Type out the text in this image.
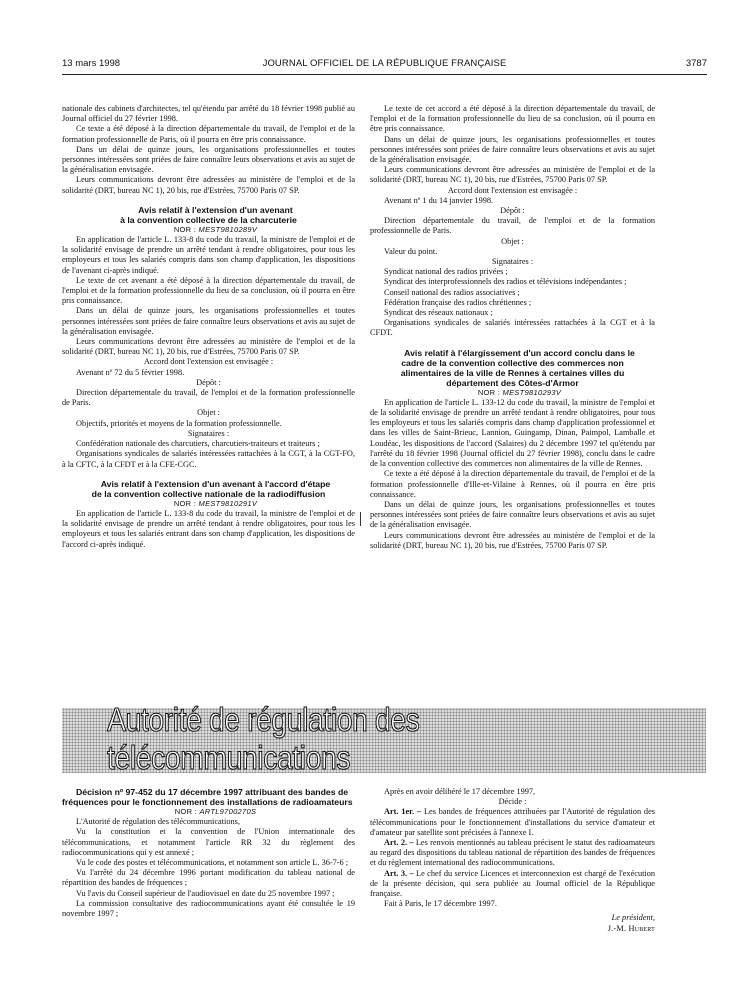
13 mars 1998	JOURNAL OFFICIEL DE LA RÉPUBLIQUE FRANÇAISE	3787

nationale des cabinets d'architectes, tel qu'étendu par arrêté du 18 février 1998 publié au Journal officiel du 27 février 1998.

Ce texte a été déposé à la direction départementale du travail, de l'emploi et de la formation professionnelle de Paris, où il pourra en être pris connaissance.

Dans un délai de quinze jours, les organisations professionnelles et toutes personnes intéressées sont priées de faire connaître leurs observations et avis au sujet de la généralisation envisagée.

Leurs communications devront être adressées au ministère de l'emploi et de la solidarité (DRT, bureau NC 1), 20 bis, rue d'Estrées, 75700 Paris 07 SP.

Avis relatif à l'extension d'un avenant
à la convention collective de la charcuterie

NOR : MEST9810289V

En application de l'article L. 133-8 du code du travail, la ministre de l'emploi et de la solidarité envisage de prendre un arrêté tendant à rendre obligatoires, pour tous les employeurs et tous les salariés compris dans son champ d'application, les dispositions de l'avenant ci-après indiqué.

Le texte de cet avenant a été déposé à la direction départementale du travail, de l'emploi et de la formation professionnelle du lieu de sa conclusion, où il pourra en être pris connaissance.

Dans un délai de quinze jours, les organisations professionnelles et toutes personnes intéressées sont priées de faire connaître leurs observations et avis au sujet de la généralisation envisagée.

Leurs communications devront être adressées au ministère de l'emploi et de la solidarité (DRT, bureau NC 1), 20 bis, rue d'Estrées, 75700 Paris 07 SP.

Accord dont l'extension est envisagée :

Avenant nº 72 du 5 février 1998.

Dépôt :

Direction départementale du travail, de l'emploi et de la formation professionnelle de Paris.

Objet :

Objectifs, priorités et moyens de la formation professionnelle.

Signataires :

Confédération nationale des charcutiers, charcutiers-traiteurs et traiteurs ;

Organisations syndicales de salariés intéressées rattachées à la CGT, à la CGT-FO, à la CFTC, à la CFDT et à la CFE-CGC.

Avis relatif à l'extension d'un avenant à l'accord d'étape
de la convention collective nationale de la radiodiffusion

NOR : MEST9810291V

En application de l'article L. 133-8 du code du travail, la ministre de l'emploi et de la solidarité envisage de prendre un arrêté tendant à rendre obligatoires, pour tous les employeurs et tous les salariés entrant dans son champ d'application, les dispositions de l'accord ci-après indiqué.

Le texte de cet accord a été déposé à la direction départementale du travail, de l'emploi et de la formation professionnelle du lieu de sa conclusion, où il pourra en être pris connaissance.

Dans un délai de quinze jours, les organisations professionnelles et toutes personnes intéressées sont priées de faire connaître leurs observations et avis au sujet de la généralisation envisagée.

Leurs communications devront être adressées au ministère de l'emploi et de la solidarité (DRT, bureau NC 1), 20 bis, rue d'Estrées, 75700 Paris 07 SP.

Accord dont l'extension est envisagée :

Avenant nº 1 du 14 janvier 1998.

Dépôt :

Direction départementale du travail, de l'emploi et de la formation professionnelle de Paris.

Objet :

Valeur du point.

Signataires :

Syndicat national des radios privées ;

Syndicat des interprofessionnels des radios et télévisions indépendantes ;

Conseil national des radios associatives ;

Fédération française des radios chrétiennes ;

Syndicat des réseaux nationaux ;

Organisations syndicales de salariés intéressées rattachées à la CGT et à la CFDT.

Avis relatif à l'élargissement d'un accord conclu dans le
cadre de la convention collective des commerces non
alimentaires de la ville de Rennes à certaines villes du
département des Côtes-d'Armor

NOR : MEST9810293V

En application de l'article L. 133-12 du code du travail, la ministre de l'emploi et de la solidarité envisage de prendre un arrêté tendant à rendre obligatoires, pour tous les employeurs et tous les salariés compris dans champ d'application professionnel et dans les villes de Saint-Brieuc, Lannion, Guingamp, Dinan, Paimpol, Lamballe et Loudéac, les dispositions de l'accord (Salaires) du 2 décembre 1997 tel qu'étendu par l'arrêté du 18 février 1998 (Journal officiel du 27 février 1998), conclu dans le cadre de la convention collective des commerces non alimentaires de la ville de Rennes.

Ce texte a été déposé à la direction départementale du travail, de l'emploi et de la formation professionnelle d'Ille-et-Vilaine à Rennes, où il pourra en être pris connaissance.

Dans un délai de quinze jours, les organisations professionnelles et toutes personnes intéressées sont priées de faire connaître leurs observations et avis au sujet de la généralisation envisagée.

Leurs communications devront être adressées au ministère de l'emploi et de la solidarité (DRT, bureau NC 1), 20 bis, rue d'Estrées, 75700 Paris 07 SP.

Autorité de régulation des télécommunications

Décision nº 97-452 du 17 décembre 1997 attribuant des bandes de fréquences pour le fonctionnement des installations de radioamateurs

NOR : ARTL9700270S

L'Autorité de régulation des télécommunications,

Vu la constitution et la convention de l'Union internationale des télécommunications, et notamment l'article RR 32 du règlement des radiocommunications qui y est annexé ;

Vu le code des postes et télécommunications, et notamment son article L. 36-7-6 ;

Vu l'arrêté du 24 décembre 1996 portant modification du tableau national de répartition des bandes de fréquences ;

Vu l'avis du Conseil supérieur de l'audiovisuel en date du 25 novembre 1997 ;

La commission consultative des radiocommunications ayant été consultée le 19 novembre 1997 ;

Après en avoir délibéré le 17 décembre 1997,

Décide :

Art. 1er. – Les bandes de fréquences attribuées par l'Autorité de régulation des télécommunications pour le fonctionnement d'installations du service d'amateur et d'amateur par satellite sont précisées à l'annexe I.

Art. 2. – Les renvois mentionnés au tableau précisent le statut des radioamateurs au regard des dispositions du tableau national de répartition des bandes de fréquences et du règlement international des radiocommunications.

Art. 3. – Le chef du service Licences et interconnexion est chargé de l'exécution de la présente décision, qui sera publiée au Journal officiel de la République française.

Fait à Paris, le 17 décembre 1997.

Le président,
J.-M. Hubert
